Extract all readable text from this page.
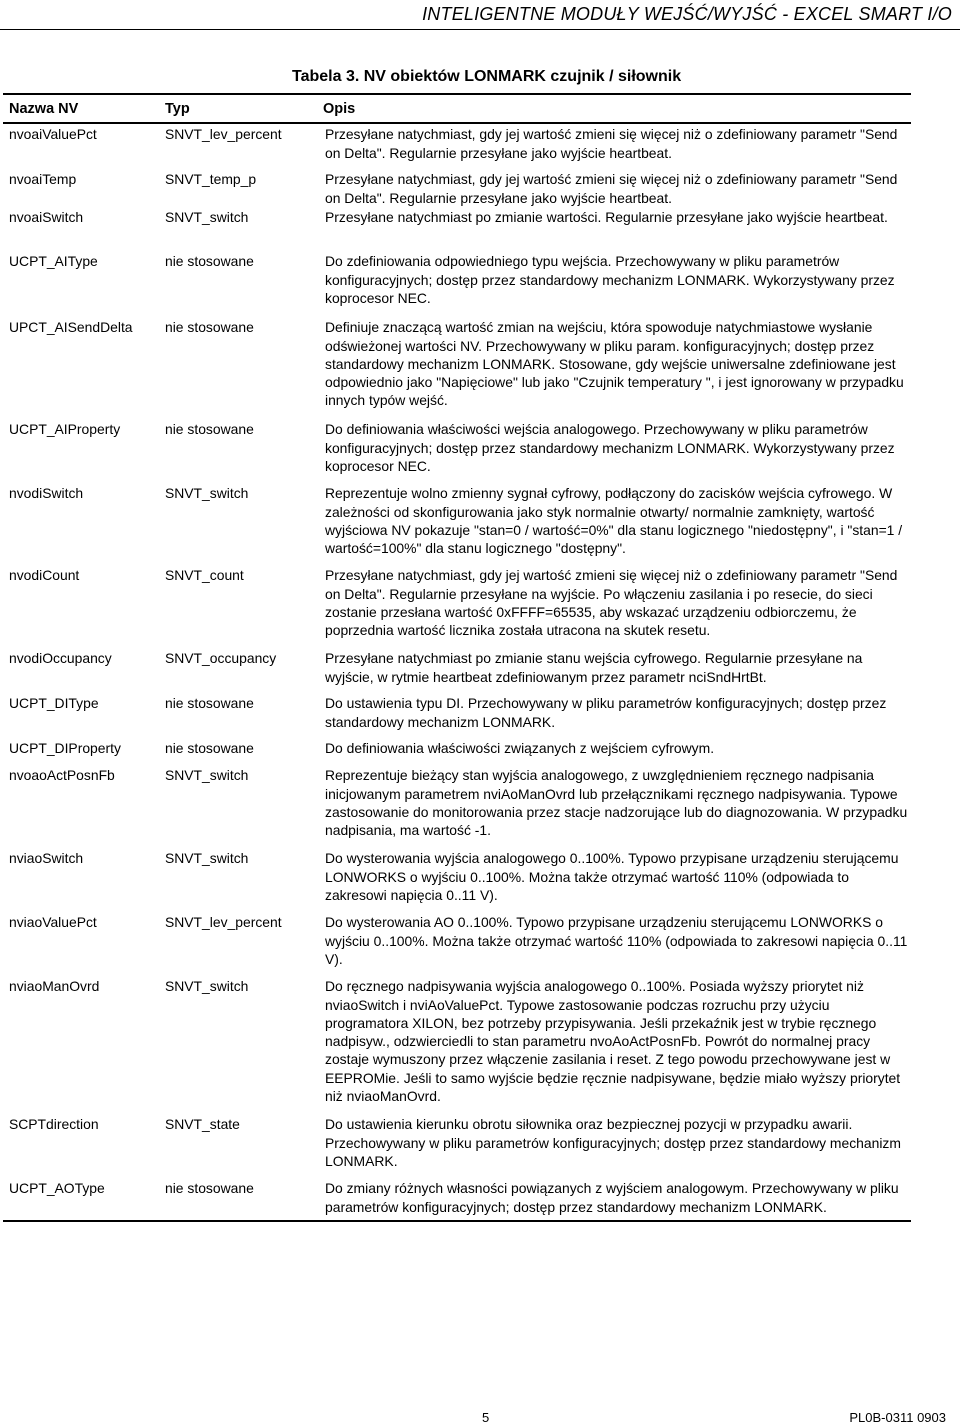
INTELIGENTNE MODUŁY WEJŚĆ/WYJŚĆ - EXCEL SMART I/O
Tabela 3. NV obiektów LONMARK czujnik / siłownik
Nazwa NV	Typ	Opis
nvoaiValuePct	SNVT_lev_percent	Przesyłane natychmiast, gdy jej wartość zmieni się więcej niż o zdefiniowany parametr "Send on Delta". Regularnie przesyłane jako wyjście heartbeat.
nvoaiTemp	SNVT_temp_p	Przesyłane natychmiast, gdy jej wartość zmieni się więcej niż o zdefiniowany parametr "Send on Delta". Regularnie przesyłane jako wyjście heartbeat.
nvoaiSwitch	SNVT_switch	Przesyłane natychmiast po zmianie wartości. Regularnie przesyłane jako wyjście heartbeat.
UCPT_AIType	nie stosowane	Do zdefiniowania odpowiedniego typu wejścia. Przechowywany w pliku parametrów konfiguracyjnych; dostęp przez standardowy mechanizm LONMARK. Wykorzystywany przez koprocesor NEC.
UPCT_AISendDelta	nie stosowane	Definiuje znaczącą wartość zmian na wejściu, która spowoduje natychmiastowe wysłanie odświeżonej wartości NV. Przechowywany w pliku param. konfiguracyjnych; dostęp przez standardowy mechanizm LONMARK. Stosowane, gdy wejście uniwersalne zdefiniowane jest odpowiednio jako "Napięciowe" lub jako "Czujnik temperatury ", i jest ignorowany w przypadku innych typów wejść.
UCPT_AIProperty	nie stosowane	Do definiowania właściwości wejścia analogowego. Przechowywany w pliku parametrów konfiguracyjnych; dostęp przez standardowy mechanizm LONMARK. Wykorzystywany przez koprocesor NEC.
nvodiSwitch	SNVT_switch	Reprezentuje wolno zmienny sygnał cyfrowy, podłączony do zacisków wejścia cyfrowego. W zależności od skonfigurowania jako styk normalnie otwarty/ normalnie zamknięty, wartość wyjściowa NV pokazuje "stan=0 / wartość=0%" dla stanu logicznego "niedostępny", i "stan=1 / wartość=100%" dla stanu logicznego "dostępny".
nvodiCount	SNVT_count	Przesyłane natychmiast, gdy jej wartość zmieni się więcej niż o zdefiniowany parametr "Send on Delta". Regularnie przesyłane na wyjście. Po włączeniu zasilania i po resecie, do sieci zostanie przesłana wartość 0xFFFF=65535, aby wskazać urządzeniu odbiorczemu, że poprzednia wartość licznika została utracona na skutek resetu.
nvodiOccupancy	SNVT_occupancy	Przesyłane natychmiast po zmianie stanu wejścia cyfrowego. Regularnie przesyłane na wyjście, w rytmie heartbeat zdefiniowanym przez parametr nciSndHrtBt.
UCPT_DIType	nie stosowane	Do ustawienia typu DI. Przechowywany w pliku parametrów konfiguracyjnych; dostęp przez standardowy mechanizm LONMARK.
UCPT_DIProperty	nie stosowane	Do definiowania właściwości związanych z wejściem cyfrowym.
nvoaoActPosnFb	SNVT_switch	Reprezentuje bieżący stan wyjścia analogowego, z uwzględnieniem ręcznego nadpisania inicjowanym parametrem nviAoManOvrd lub przełącznikami ręcznego nadpisywania. Typowe zastosowanie do monitorowania przez stacje nadzorujące lub do diagnozowania. W przypadku nadpisania, ma wartość -1.
nviaoSwitch	SNVT_switch	Do wysterowania wyjścia analogowego 0..100%. Typowo przypisane urządzeniu sterującemu LONWORKS o wyjściu 0..100%. Można także otrzymać wartość 110% (odpowiada to zakresowi napięcia 0..11 V).
nviaoValuePct	SNVT_lev_percent	Do wysterowania AO 0..100%. Typowo przypisane urządzeniu sterującemu LONWORKS o wyjściu 0..100%. Można także otrzymać wartość 110% (odpowiada to zakresowi napięcia 0..11 V).
nviaoManOvrd	SNVT_switch	Do ręcznego nadpisywania wyjścia analogowego 0..100%. Posiada wyższy priorytet niż nviaoSwitch i nviAoValuePct. Typowe zastosowanie podczas rozruchu przy użyciu programatora XILON, bez potrzeby przypisywania. Jeśli przekaźnik jest w trybie ręcznego nadpisyw., odzwierciedli to stan parametru nvoAoActPosnFb. Powrót do normalnej pracy zostaje wymuszony przez włączenie zasilania i reset. Z tego powodu przechowywane jest w EEPROMie. Jeśli to samo wyjście będzie ręcznie nadpisywane, będzie miało wyższy priorytet niż nviaoManOvrd.
SCPTdirection	SNVT_state	Do ustawienia kierunku obrotu siłownika oraz bezpiecznej pozycji w przypadku awarii. Przechowywany w pliku parametrów konfiguracyjnych; dostęp przez standardowy mechanizm LONMARK.
UCPT_AOType	nie stosowane	Do zmiany różnych własności powiązanych z wyjściem analogowym. Przechowywany w pliku parametrów konfiguracyjnych; dostęp przez standardowy mechanizm LONMARK.
5	PL0B-0311 0903
